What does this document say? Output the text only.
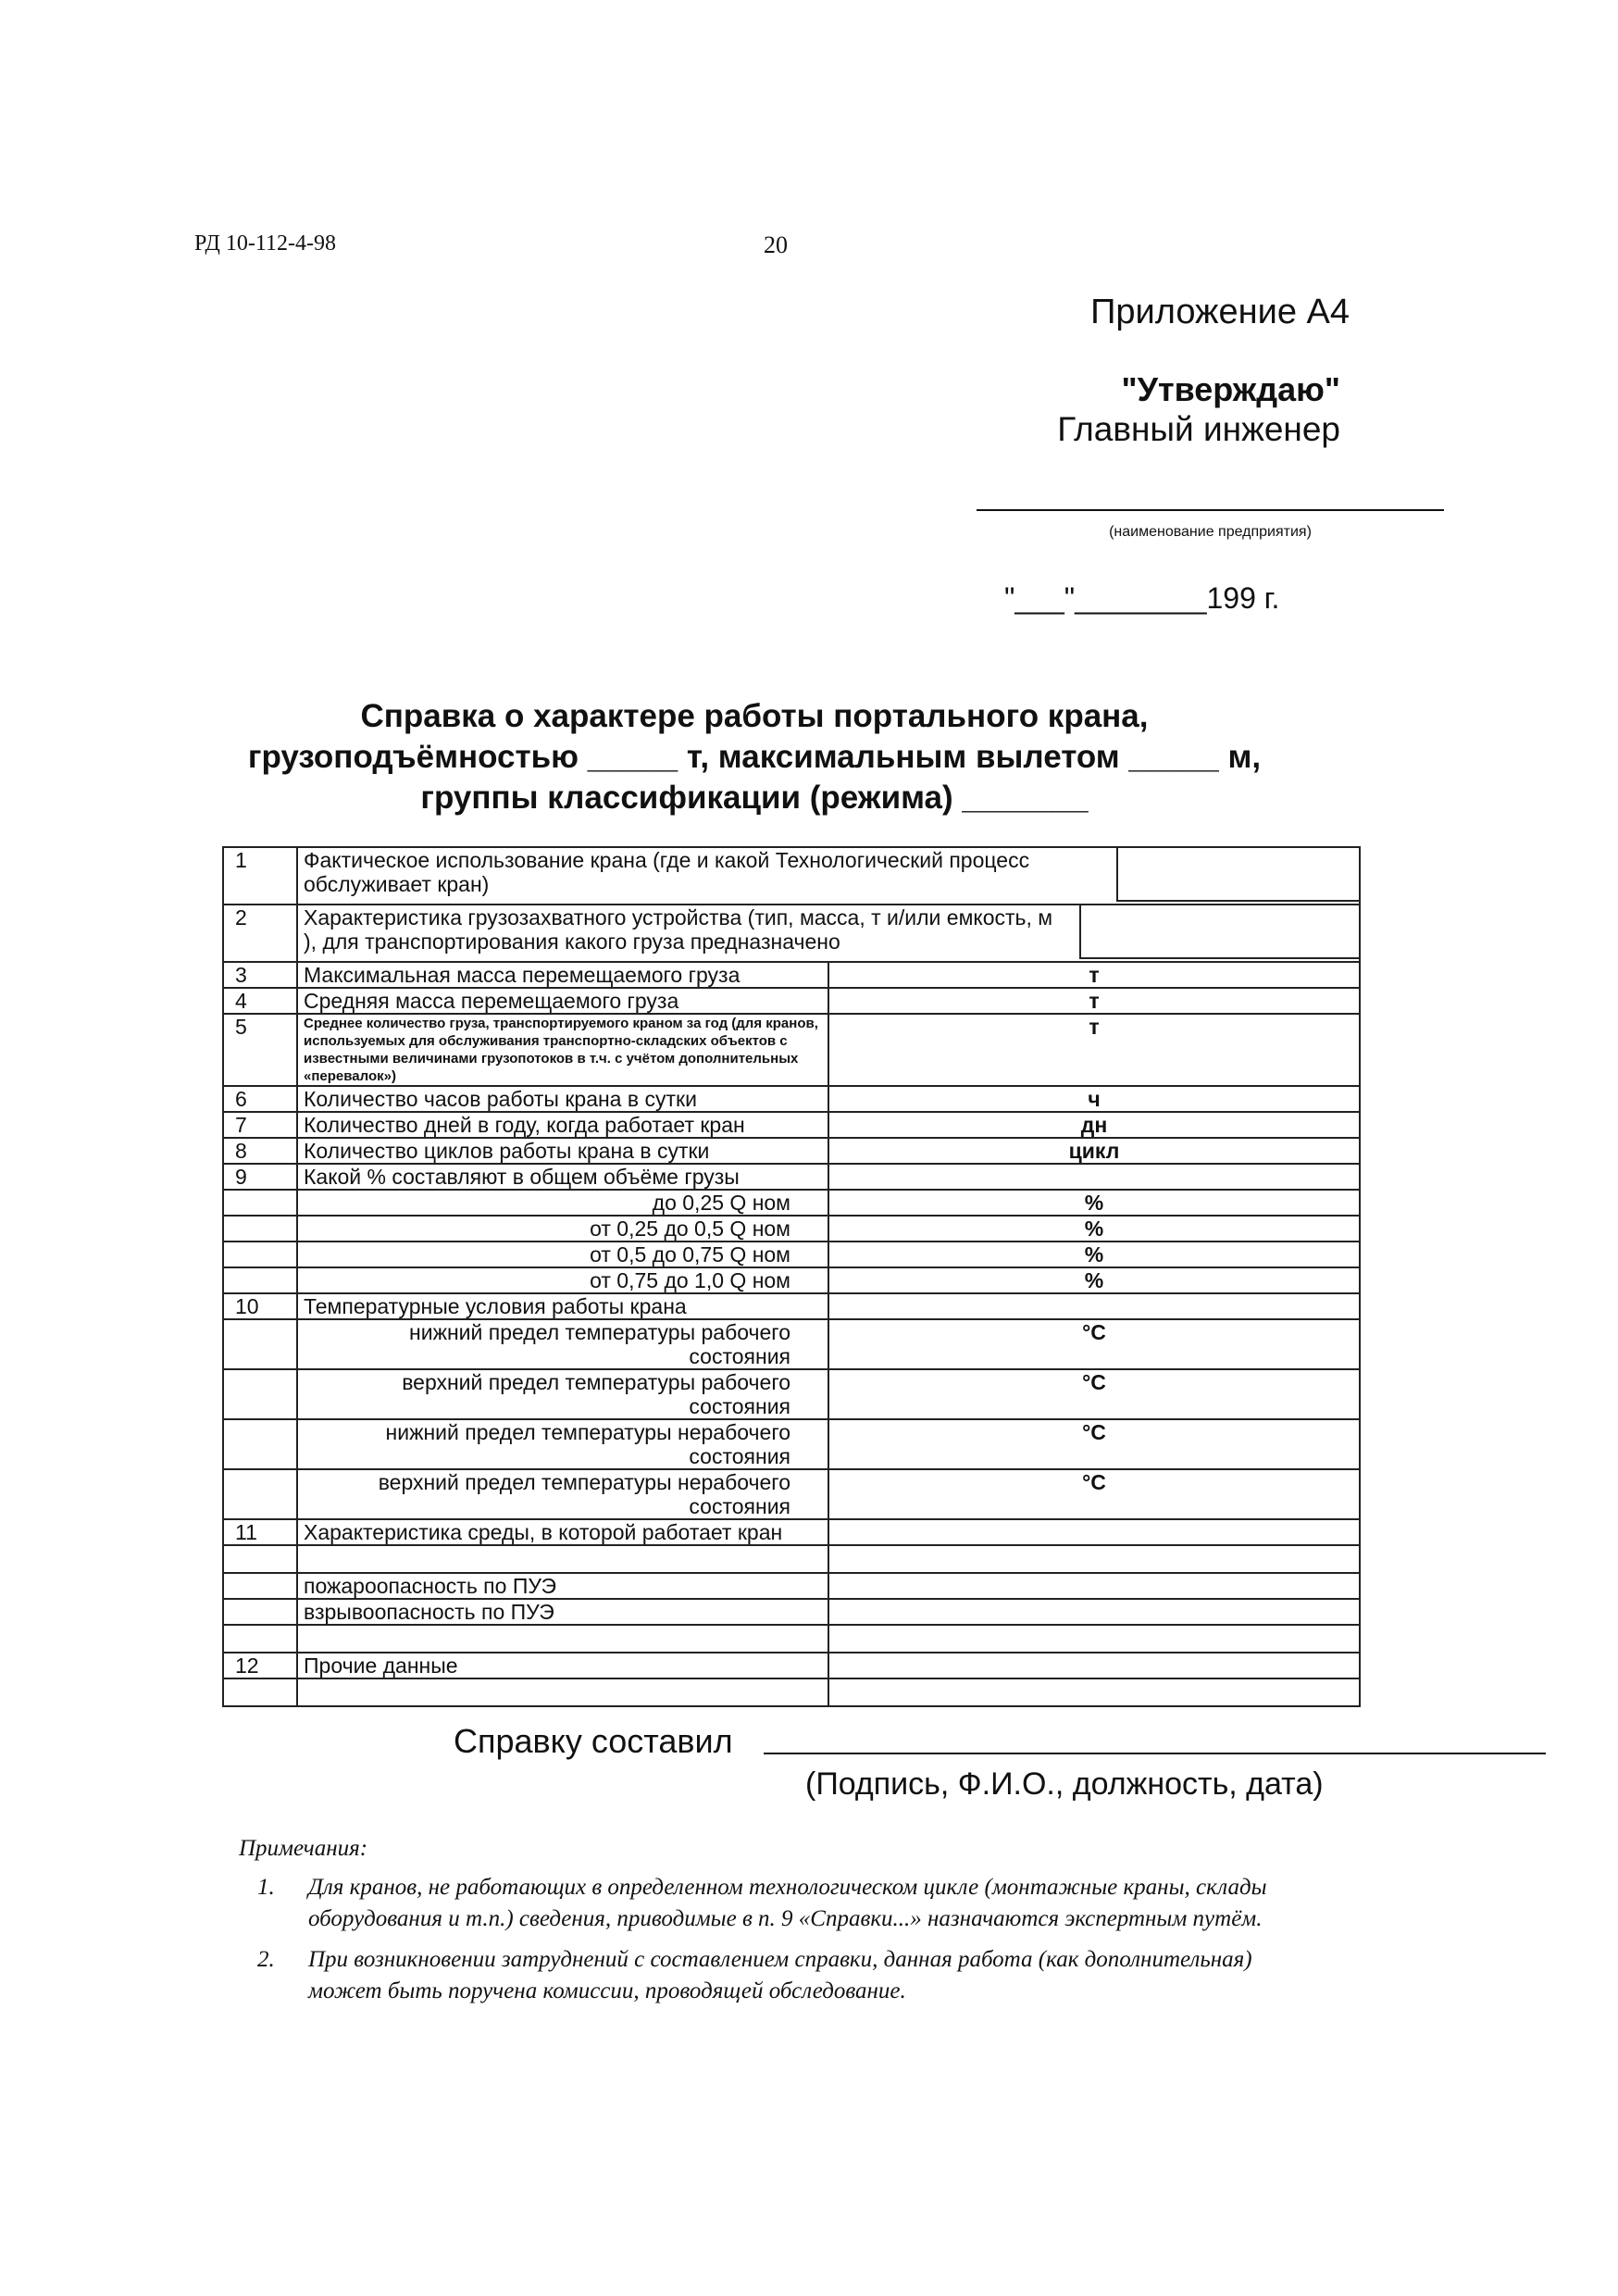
РД 10-112-4-98	20
Приложение А4
"Утверждаю"
Главный инженер
(наименование предприятия)
"___"________199 г.
Справка о характере работы портального крана,
грузоподъёмностью _____ т, максимальным вылетом _____ м,
группы классификации (режима) _______
1	Фактическое использование крана (где и какой Технологический процесс обслуживает кран)	
2	Характеристика грузозахватного устройства (тип, масса, т и/или емкость, м ), для транспортирования какого груза предназначено	
3	Максимальная масса перемещаемого груза	т
4	Средняя масса перемещаемого груза	т
5	Среднее количество груза, транспортируемого краном за год (для кранов, используемых для обслуживания транспортно-складских объектов с известными величинами грузопотоков в т.ч. с учётом дополнительных «перевалок»)	т
6	Количество часов работы крана в сутки	ч
7	Количество дней в году, когда работает кран	дн
8	Количество циклов работы крана в сутки	цикл
9	Какой % составляют в общем объёме грузы	
	до 0,25 Q ном	%
	от 0,25 до 0,5 Q ном	%
	от 0,5 до 0,75 Q ном	%
	от 0,75 до 1,0 Q ном	%
10	Температурные условия работы крана	
	нижний предел температуры рабочего состояния	°С
	верхний предел температуры рабочего состояния	°С
	нижний предел температуры нерабочего состояния	°С
	верхний предел температуры нерабочего состояния	°С
11	Характеристика среды, в которой работает кран	

	пожароопасность по ПУЭ	
	взрывоопасность по ПУЭ	

12	Прочие данные	

Справку составил
(Подпись, Ф.И.О., должность, дата)
Примечания:
1.	Для кранов, не работающих в определенном технологическом цикле (монтажные краны, склады оборудования и т.п.) сведения, приводимые в п. 9 «Справки...» назначаются экспертным путём.
2.	При возникновении затруднений с составлением справки, данная работа (как дополнительная) может быть поручена комиссии, проводящей обследование.
